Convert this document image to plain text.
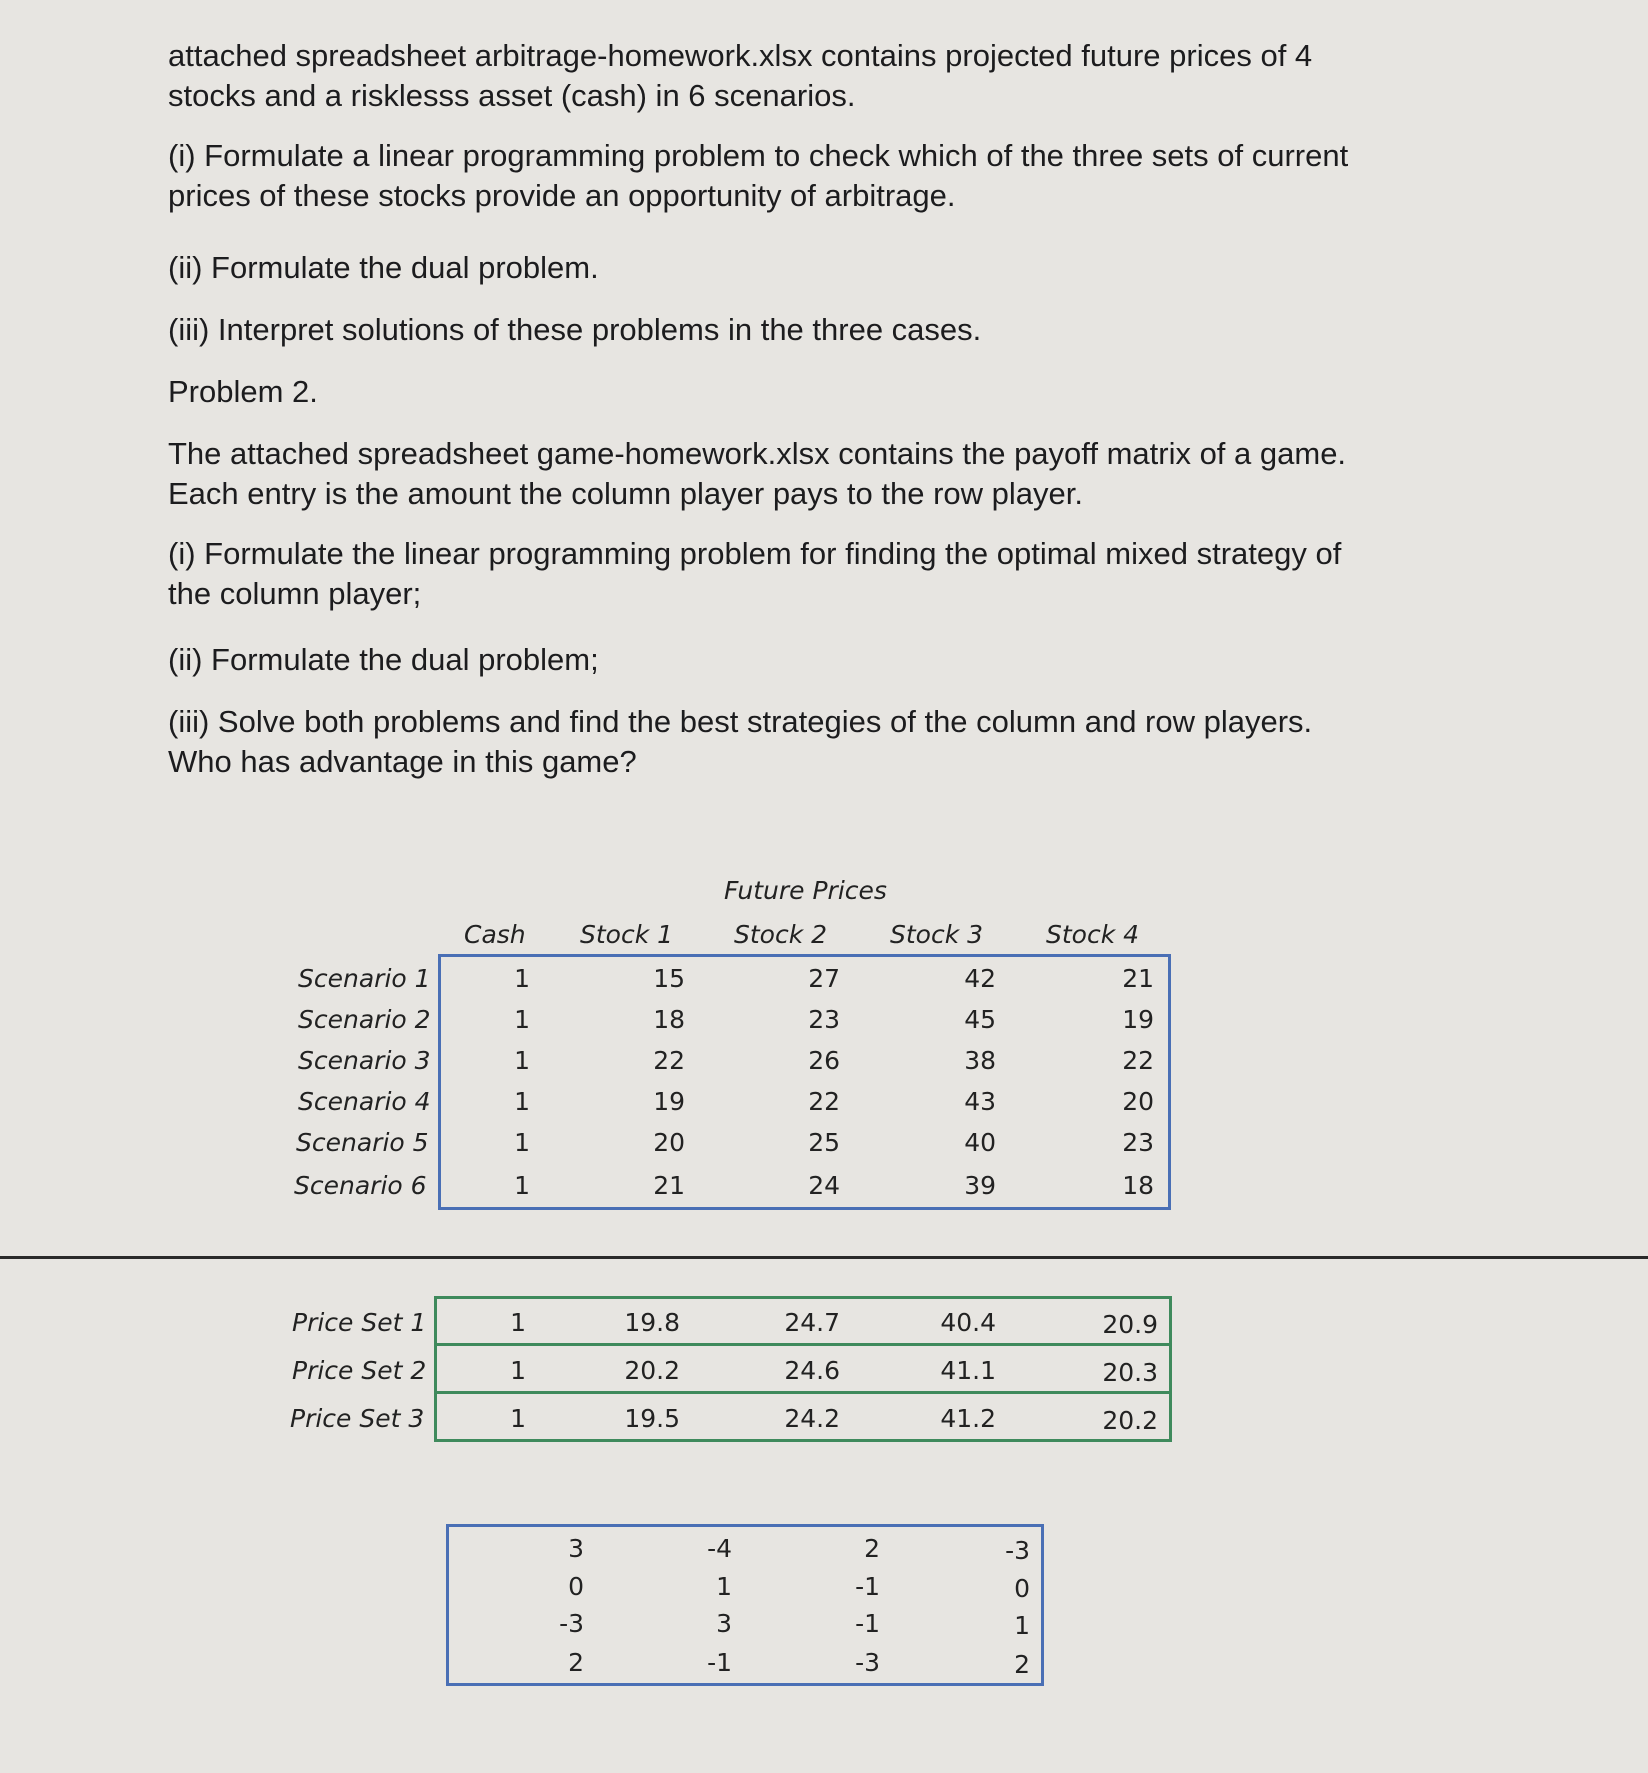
attached spreadsheet arbitrage-homework.xlsx contains projected future prices of 4
stocks and a risklesss asset (cash) in 6 scenarios.

(i) Formulate a linear programming problem to check which of the three sets of current
prices of these stocks provide an opportunity of arbitrage.

(ii) Formulate the dual problem.

(iii) Interpret solutions of these problems in the three cases.

Problem 2.

The attached spreadsheet game-homework.xlsx contains the payoff matrix of a game.
Each entry is the amount the column player pays to the row player.

(i) Formulate the linear programming problem for finding the optimal mixed strategy of
the column player;

(ii) Formulate the dual problem;

(iii) Solve both problems and find the best strategies of the column and row players.
Who has advantage in this game?

Future Prices
Cash Stock 1 Stock 2	Stock 3	Stock 4
Scenario 1	1	15	27	42	21
Scenario 2	1	18	23	45	19
Scenario 3	1	22	26	38	22
Scenario 4	1	19	22	43	20
Scenario 5	1	20	25	40	23
Scenario 6	1	21	24	39	18
Price Set 1	1	19.8	24.7	40.4	20.9
Price Set 2	1	20.2	24.6	41.1	20.3
Price Set 3	1	19.5	24.2	41.2	20.2
3	-4	2	-3
0	1	-1	0
-3	3	-1	1
2	-1	-3	2
